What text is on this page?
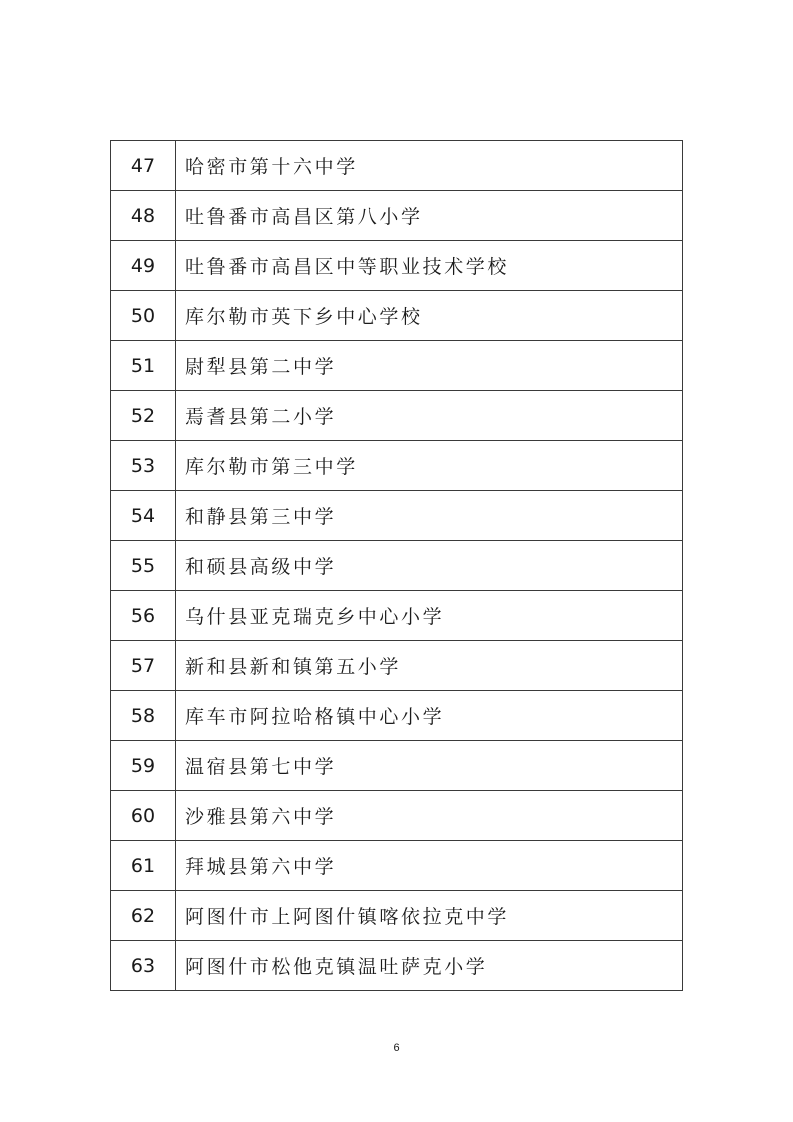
47	哈密市第十六中学
48	吐鲁番市高昌区第八小学
49	吐鲁番市高昌区中等职业技术学校
50	库尔勒市英下乡中心学校
51	尉犁县第二中学
52	焉耆县第二小学
53	库尔勒市第三中学
54	和静县第三中学
55	和硕县高级中学
56	乌什县亚克瑞克乡中心小学
57	新和县新和镇第五小学
58	库车市阿拉哈格镇中心小学
59	温宿县第七中学
60	沙雅县第六中学
61	拜城县第六中学
62	阿图什市上阿图什镇喀依拉克中学
63	阿图什市松他克镇温吐萨克小学
6
